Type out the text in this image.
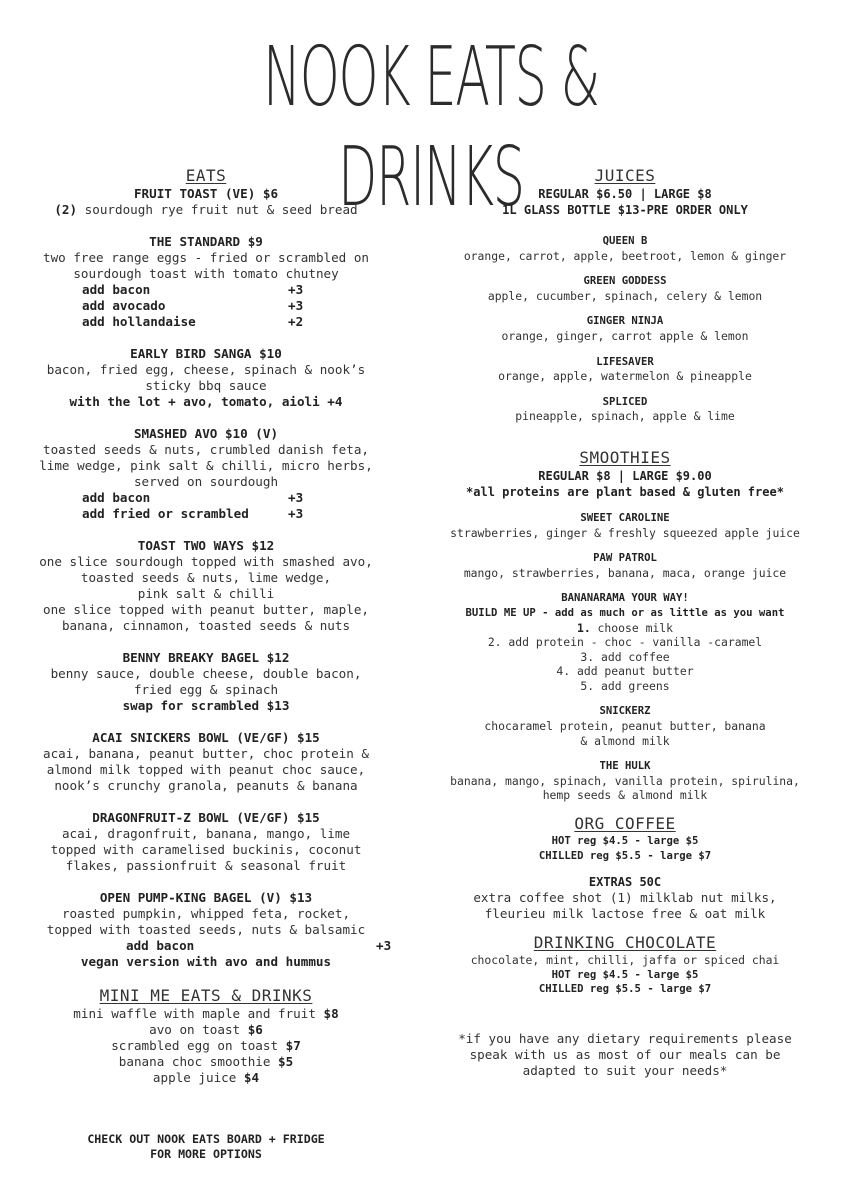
NOOK EATS & DRINKS
EATS
FRUIT TOAST (VE) $6
(2) sourdough rye fruit nut & seed bread
THE STANDARD $9
two free range eggs - fried or scrambled on
sourdough toast with tomato chutney
add bacon	+3
add avocado	+3
add hollandaise	+2
EARLY BIRD SANGA $10
bacon, fried egg, cheese, spinach & nook’s
sticky bbq sauce
with the lot + avo, tomato, aioli +4
SMASHED AVO $10 (V)
toasted seeds & nuts, crumbled danish feta,
lime wedge, pink salt & chilli, micro herbs,
served on sourdough
add bacon	+3
add fried or scrambled	+3
TOAST TWO WAYS $12
one slice sourdough topped with smashed avo,
toasted seeds & nuts, lime wedge,
pink salt & chilli
one slice topped with peanut butter, maple,
banana, cinnamon, toasted seeds & nuts
BENNY BREAKY BAGEL $12
benny sauce, double cheese, double bacon,
fried egg & spinach
swap for scrambled $13
ACAI SNICKERS BOWL (VE/GF) $15
acai, banana, peanut butter, choc protein &
almond milk topped with peanut choc sauce,
nook’s crunchy granola, peanuts & banana
DRAGONFRUIT-Z BOWL (VE/GF) $15
acai, dragonfruit, banana, mango, lime
topped with caramelised buckinis, coconut
flakes, passionfruit & seasonal fruit
OPEN PUMP-KING BAGEL (V) $13
roasted pumpkin, whipped feta, rocket,
topped with toasted seeds, nuts & balsamic
add bacon	+3
vegan version with avo and hummus
MINI ME EATS & DRINKS
mini waffle with maple and fruit $8
avo on toast $6
scrambled egg on toast $7
banana choc smoothie $5
apple juice $4
CHECK OUT NOOK EATS BOARD + FRIDGE
FOR MORE OPTIONS
JUICES
REGULAR $6.50 | LARGE $8
1L GLASS BOTTLE $13-PRE ORDER ONLY
QUEEN B
orange, carrot, apple, beetroot, lemon & ginger
GREEN GODDESS
apple, cucumber, spinach, celery & lemon
GINGER NINJA
orange, ginger, carrot apple & lemon
LIFESAVER
orange, apple, watermelon & pineapple
SPLICED
pineapple, spinach, apple & lime
SMOOTHIES
REGULAR $8 | LARGE $9.00
*all proteins are plant based & gluten free*
SWEET CAROLINE
strawberries, ginger & freshly squeezed apple juice
PAW PATROL
mango, strawberries, banana, maca, orange juice
BANANARAMA YOUR WAY!
BUILD ME UP - add as much or as little as you want
1. choose milk
2. add protein - choc - vanilla -caramel
3. add coffee
4. add peanut butter
5. add greens
SNICKERZ
chocaramel protein, peanut butter, banana
& almond milk
THE HULK
banana, mango, spinach, vanilla protein, spirulina,
hemp seeds & almond milk
ORG COFFEE
HOT reg $4.5 - large $5
CHILLED reg $5.5 - large $7
EXTRAS 50C
extra coffee shot (1) milklab nut milks,
fleurieu milk lactose free & oat milk
DRINKING CHOCOLATE
chocolate, mint, chilli, jaffa or spiced chai
HOT reg $4.5 - large $5
CHILLED reg $5.5 - large $7
*if you have any dietary requirements please
speak with us as most of our meals can be
adapted to suit your needs*
